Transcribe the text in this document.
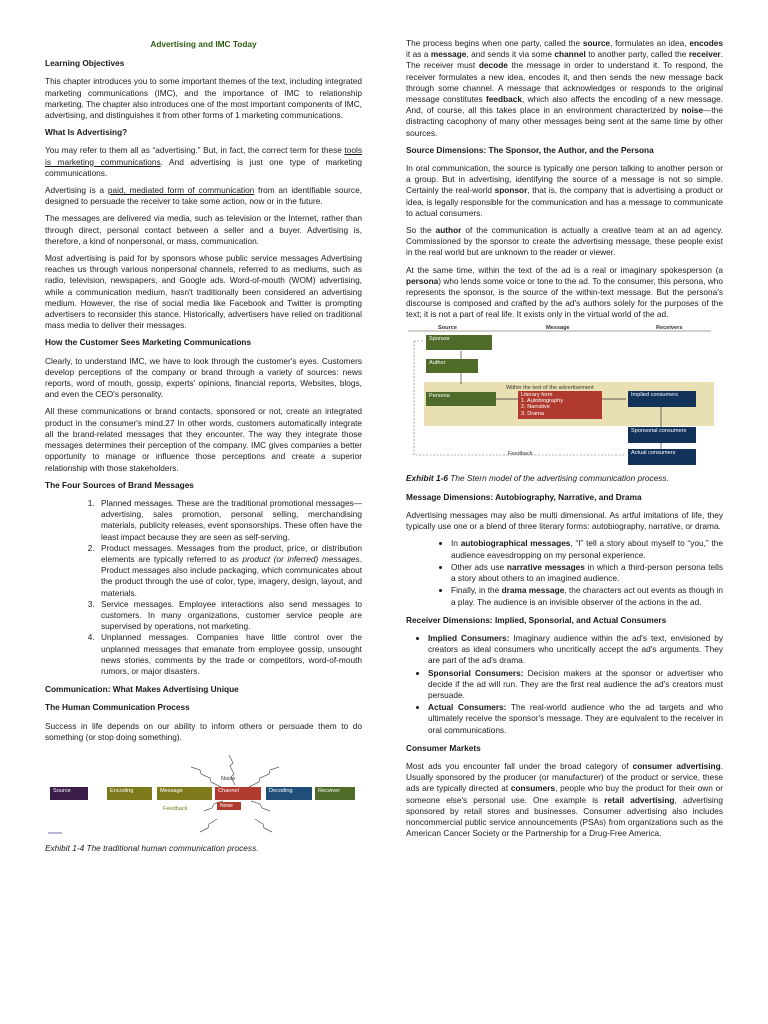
Advertising and IMC Today
Learning Objectives

This chapter introduces you to some important themes of the text, including integrated marketing communications (IMC), and the importance of IMC to relationship marketing. The chapter also introduces one of the most important components of IMC, advertising, and distinguishes it from other forms of 1 marketing communications.

What Is Advertising?

You may refer to them all as “advertising.” But, in fact, the correct term for these tools is marketing communications. And advertising is just one type of marketing communications.

Advertising is a paid, mediated form of communication from an identifiable source, designed to persuade the receiver to take some action, now or in the future.

The messages are delivered via media, such as television or the Internet, rather than through direct, personal contact between a seller and a buyer. Advertising is, therefore, a kind of nonpersonal, or mass, communication.

Most advertising is paid for by sponsors whose public service messages Advertising reaches us through various nonpersonal channels, referred to as mediums, such as radio, television, newspapers, and Google ads. Word-of-mouth (WOM) advertising, while a communication medium, hasn't traditionally been considered an advertising medium. However, the rise of social media like Facebook and Twitter is prompting advertisers to reconsider this stance. Historically, advertisers have relied on traditional mass media to deliver their messages.

How the Customer Sees Marketing Communications

Clearly, to understand IMC, we have to look through the customer's eyes. Customers develop perceptions of the company or brand through a variety of sources: news reports, word of mouth, gossip, experts' opinions, financial reports, Websites, blogs, and even the CEO's personality.

All these communications or brand contacts, sponsored or not, create an integrated product in the consumer's mind.27 In other words, customers automatically integrate all the brand-related messages that they encounter. The way they integrate those messages determines their perception of the company. IMC gives companies a better opportunity to manage or influence those perceptions and create a superior relationship with those stakeholders.

The Four Sources of Brand Messages
1. Planned messages. These are the traditional promotional messages—advertising, sales promotion, personal selling, merchandising materials, publicity releases, event sponsorships. These often have the least impact because they are seen as self-serving.
2. Product messages. Messages from the product, price, or distribution elements are typically referred to as product (or inferred) messages. Product messages also include packaging, which communicates about the product through the use of color, type, imagery, design, layout, and materials.
3. Service messages. Employee interactions also send messages to customers. In many organizations, customer service people are supervised by operations, not marketing.
4. Unplanned messages. Companies have little control over the unplanned messages that emanate from employee gossip, unsought news stories, comments by the trade or competitors, word-of-mouth rumors, or major disasters.
Communication: What Makes Advertising Unique
The Human Communication Process

Success in life depends on our ability to inform others or persuade them to do something (or stop doing something).

Noise
Source	Encoding	Message	Channel	Decoding	Receiver
Feedback	Noise
Exhibit 1-4 The traditional human communication process.

The process begins when one party, called the source, formulates an idea, encodes it as a message, and sends it via some channel to another party, called the receiver. The receiver must decode the message in order to understand it. To respond, the receiver formulates a new idea, encodes it, and then sends the new message back through some channel. A message that acknowledges or responds to the original message constitutes feedback, which also affects the encoding of a new message. And, of course, all this takes place in an environment characterized by noise—the distracting cacophony of many other messages being sent at the same time by other sources.

Source Dimensions: The Sponsor, the Author, and the Persona

In oral communication, the source is typically one person talking to another person or a group. But in advertising, identifying the source of a message is not so simple. Certainly the real-world sponsor, that is, the company that is advertising a product or idea, is legally responsible for the communication and has a message to communicate to actual consumers.

So the author of the communication is actually a creative team at an ad agency. Commissioned by the sponsor to create the advertising message, these people exist in the real world but are unknown to the reader or viewer.

At the same time, within the text of the ad is a real or imaginary spokesperson (a persona) who lends some voice or tone to the ad. To the consumer, this persona, who represents the sponsor, is the source of the within-text message. But the persona's discourse is composed and crafted by the ad's authors solely for the purposes of the text; it is not a part of real life. It exists only in the virtual world of the ad.

Source	Message	Receivers
Sponsor
Author
Within the text of the advertisement
Persona	Literary form
1. Autobiography
2. Narrative
3. Drama
Implied consumers
Sponsorial consumers
Feedback	Actual consumers
Exhibit 1-6 The Stern model of the advertising communication process.
Message Dimensions: Autobiography, Narrative, and Drama

Advertising messages may also be multi dimensional. As artful imitations of life, they typically use one or a blend of three literary forms: autobiography, narrative, or drama.

• In autobiographical messages, “I” tell a story about myself to “you,” the audience eavesdropping on my personal experience.
• Other ads use narrative messages in which a third-person persona tells a story about others to an imagined audience.
• Finally, in the drama message, the characters act out events as though in a play. The audience is an invisible observer of the actions in the ad.
Receiver Dimensions: Implied, Sponsorial, and Actual Consumers
• Implied Consumers: Imaginary audience within the ad's text, envisioned by creators as ideal consumers who uncritically accept the ad's arguments. They are part of the ad's drama.
• Sponsorial Consumers: Decision makers at the sponsor or advertiser who decide if the ad will run. They are the first real audience the ad's creators must persuade.
• Actual Consumers: The real-world audience who the ad targets and who ultimately receive the sponsor's message. They are equivalent to the receiver in oral communications.
Consumer Markets

Most ads you encounter fall under the broad category of consumer advertising. Usually sponsored by the producer (or manufacturer) of the product or service, these ads are typically directed at consumers, people who buy the product for their own or someone else's personal use. One example is retail advertising, advertising sponsored by retail stores and businesses. Consumer advertising also includes noncommercial public service announcements (PSAs) from organizations such as the American Cancer Society or the Partnership for a Drug-Free America.
